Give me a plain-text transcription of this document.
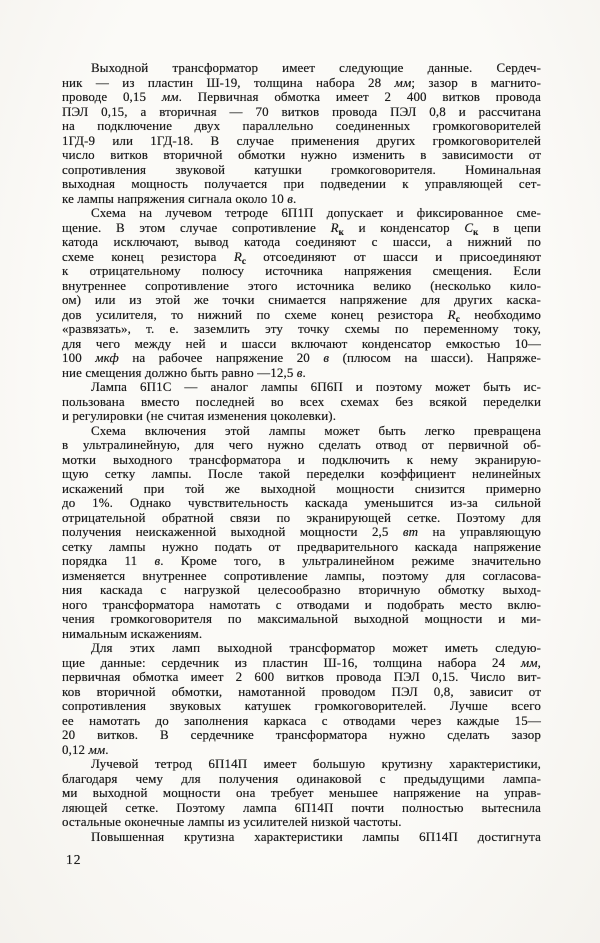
Выходной трансформатор имеет следующие данные. Сердеч-
ник — из пластин Ш-19, толщина набора 28 мм; зазор в магнито-
проводе 0,15 мм. Первичная обмотка имеет 2 400 витков провода
ПЭЛ 0,15, а вторичная — 70 витков провода ПЭЛ 0,8 и рассчитана
на подключение двух параллельно соединенных громкоговорителей
1ГД-9 или 1ГД-18. В случае применения других громкоговорителей
число витков вторичной обмотки нужно изменить в зависимости от
сопротивления звуковой катушки громкоговорителя. Номинальная
выходная мощность получается при подведении к управляющей сет-
ке лампы напряжения сигнала около 10 в.
Схема на лучевом тетроде 6П1П допускает и фиксированное сме-
щение. В этом случае сопротивление $R_к$ и конденсатор $C_к$ в цепи
катода исключают, вывод катода соединяют с шасси, а нижний по
схеме конец резистора $R_с$ отсоединяют от шасси и присоединяют
к отрицательному полюсу источника напряжения смещения. Если
внутреннее сопротивление этого источника велико (несколько кило-
ом) или из этой же точки снимается напряжение для других каска-
дов усилителя, то нижний по схеме конец резистора $R_с$ необходимо
«развязать», т. е. заземлить эту точку схемы по переменному току,
для чего между ней и шасси включают конденсатор емкостью 10—
100 мкф на рабочее напряжение 20 в (плюсом на шасси). Напряже-
ние смещения должно быть равно —12,5 в.
Лампа 6П1С — аналог лампы 6П6П и поэтому может быть ис-
пользована вместо последней во всех схемах без всякой переделки
и регулировки (не считая изменения цоколевки).
Схема включения этой лампы может быть легко превращена
в ультралинейную, для чего нужно сделать отвод от первичной об-
мотки выходного трансформатора и подключить к нему экранирую-
щую сетку лампы. После такой переделки коэффициент нелинейных
искажений при той же выходной мощности снизится примерно
до 1%. Однако чувствительность каскада уменьшится из-за сильной
отрицательной обратной связи по экранирующей сетке. Поэтому для
получения неискаженной выходной мощности 2,5 вт на управляющую
сетку лампы нужно подать от предварительного каскада напряжение
порядка 11 в. Кроме того, в ультралинейном режиме значительно
изменяется внутреннее сопротивление лампы, поэтому для согласова-
ния каскада с нагрузкой целесообразно вторичную обмотку выход-
ного трансформатора намотать с отводами и подобрать место вклю-
чения громкоговорителя по максимальной выходной мощности и ми-
нимальным искажениям.
Для этих ламп выходной трансформатор может иметь следую-
щие данные: сердечник из пластин Ш-16, толщина набора 24 мм,
первичная обмотка имеет 2 600 витков провода ПЭЛ 0,15. Число вит-
ков вторичной обмотки, намотанной проводом ПЭЛ 0,8, зависит от
сопротивления звуковых катушек громкоговорителей. Лучше всего
ее намотать до заполнения каркаса с отводами через каждые 15—
20 витков. В сердечнике трансформатора нужно сделать зазор
0,12 мм.
Лучевой тетрод 6П14П имеет большую крутизну характеристики,
благодаря чему для получения одинаковой с предыдущими лампа-
ми выходной мощности она требует меньшее напряжение на управ-
ляющей сетке. Поэтому лампа 6П14П почти полностью вытеснила
остальные оконечные лампы из усилителей низкой частоты.
Повышенная крутизна характеристики лампы 6П14П достигнута
12
